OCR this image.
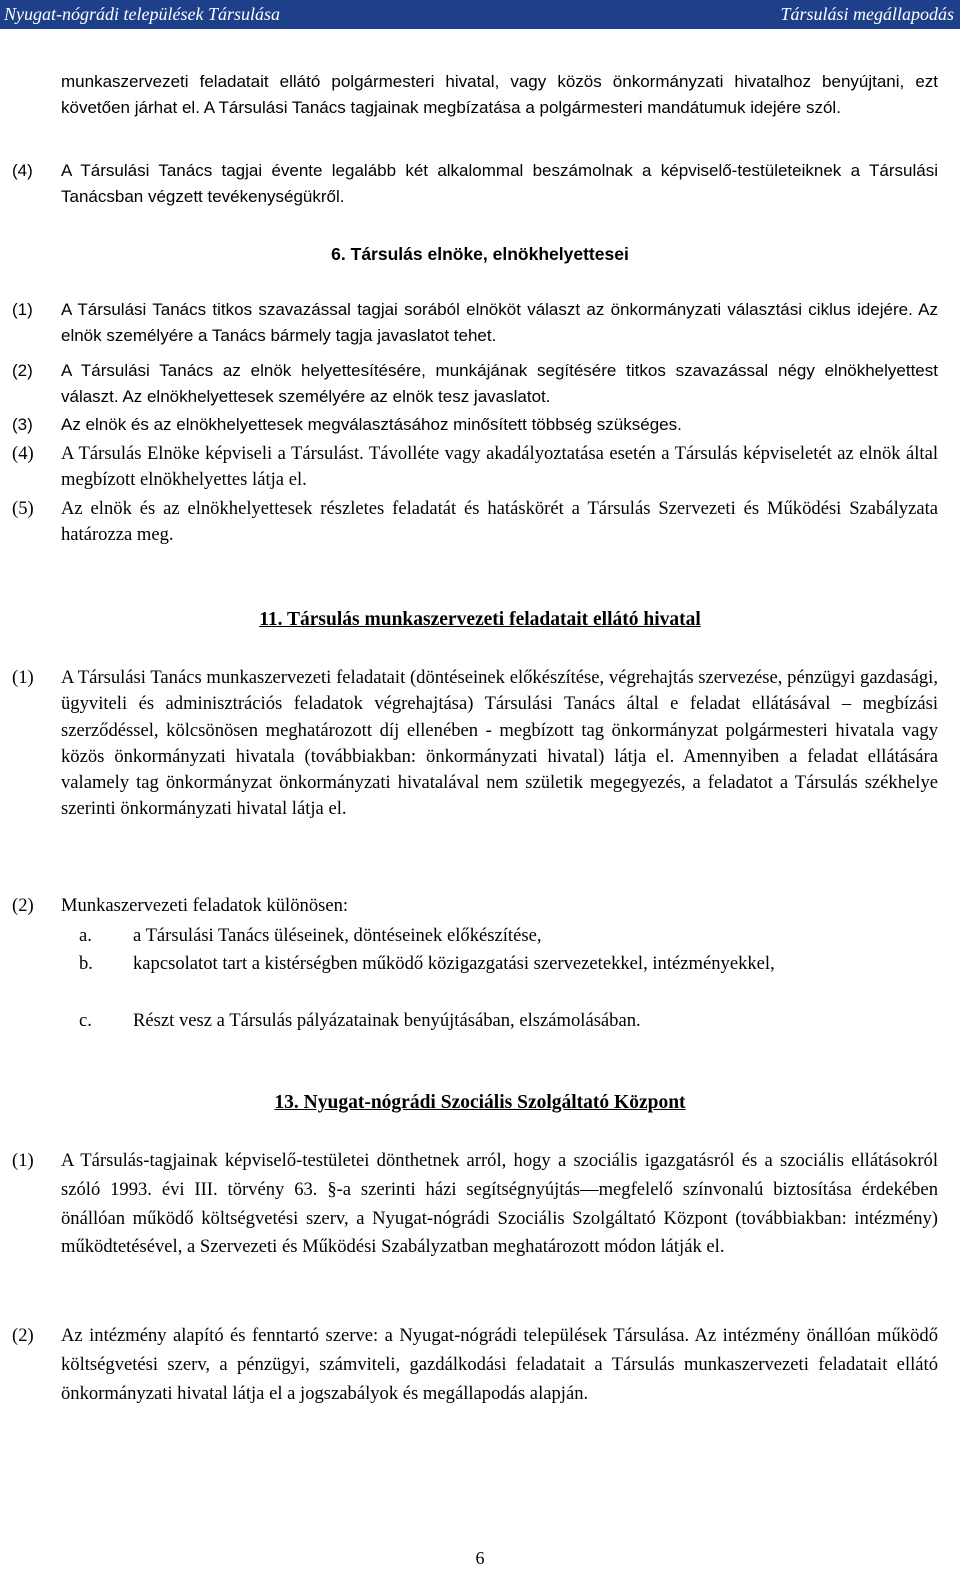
Nyugat-nógrádi települések Társulása	Társulási megállapodás
munkaszervezeti feladatait ellátó polgármesteri hivatal, vagy közös önkormányzati hivatalhoz benyújtani, ezt követően járhat el. A Társulási Tanács tagjainak megbízatása a polgármesteri mandátumuk idejére szól.
(4) A Társulási Tanács tagjai évente legalább két alkalommal beszámolnak a képviselő-testületeiknek a Társulási Tanácsban végzett tevékenységükről.
6. Társulás elnöke, elnökhelyettesei
(1) A Társulási Tanács titkos szavazással tagjai sorából elnököt választ az önkormányzati választási ciklus idejére. Az elnök személyére a Tanács bármely tagja javaslatot tehet.
(2) A Társulási Tanács az elnök helyettesítésére, munkájának segítésére titkos szavazással négy elnökhelyettest választ. Az elnökhelyettesek személyére az elnök tesz javaslatot.
(3) Az elnök és az elnökhelyettesek megválasztásához minősített többség szükséges.
(4) A Társulás Elnöke képviseli a Társulást. Távolléte vagy akadályoztatása esetén a Társulás képviseletét az elnök által megbízott elnökhelyettes látja el.
(5) Az elnök és az elnökhelyettesek részletes feladatát és hatáskörét a Társulás Szervezeti és Működési Szabályzata határozza meg.
11. Társulás munkaszervezeti feladatait ellátó hivatal
(1) A Társulási Tanács munkaszervezeti feladatait (döntéseinek előkészítése, végrehajtás szervezése, pénzügyi gazdasági, ügyviteli és adminisztrációs feladatok végrehajtása) Társulási Tanács által e feladat ellátásával – megbízási szerződéssel, kölcsönösen meghatározott díj ellenében - megbízott tag önkormányzat polgármesteri hivatala vagy közös önkormányzati hivatala (továbbiakban: önkormányzati hivatal) látja el. Amennyiben a feladat ellátására valamely tag önkormányzat önkormányzati hivatalával nem születik megegyezés, a feladatot a Társulás székhelye szerinti önkormányzati hivatal látja el.
(2) Munkaszervezeti feladatok különösen:
a. a Társulási Tanács üléseinek, döntéseinek előkészítése,
b. kapcsolatot tart a kistérségben működő közigazgatási szervezetekkel, intézményekkel,
c. Részt vesz a Társulás pályázatainak benyújtásában, elszámolásában.
13. Nyugat-nógrádi Szociális Szolgáltató Központ
(1) A Társulás-tagjainak képviselő-testületei dönthetnek arról, hogy a szociális igazgatásról és a szociális ellátásokról szóló 1993. évi III. törvény 63. §-a szerinti házi segítségnyújtás—megfelelő színvonalú biztosítása érdekében önállóan működő költségvetési szerv, a Nyugat-nógrádi Szociális Szolgáltató Központ (továbbiakban: intézmény) működtetésével, a Szervezeti és Működési Szabályzatban meghatározott módon látják el.
(2) Az intézmény alapító és fenntartó szerve: a Nyugat-nógrádi települések Társulása. Az intézmény önállóan működő költségvetési szerv, a pénzügyi, számviteli, gazdálkodási feladatait a Társulás munkaszervezeti feladatait ellátó önkormányzati hivatal látja el a jogszabályok és megállapodás alapján.
6
